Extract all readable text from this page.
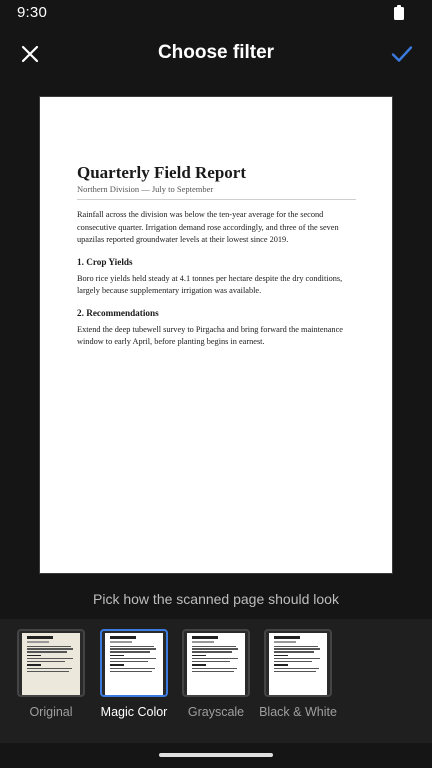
9:30
Choose filter
Quarterly Field Report
Northern Division — July to September

Rainfall across the division was below the ten-year average for the second consecutive quarter. Irrigation demand rose accordingly, and three of the seven upazilas reported groundwater levels at their lowest since 2019.

1. Crop Yields

Boro rice yields held steady at 4.1 tonnes per hectare despite the dry conditions, largely because supplementary irrigation was available.

2. Recommendations

Extend the deep tubewell survey to Pirgacha and bring forward the maintenance window to early April, before planting begins in earnest.

Pick how the scanned page should look
Original	Magic Color	Grayscale	Black & White
